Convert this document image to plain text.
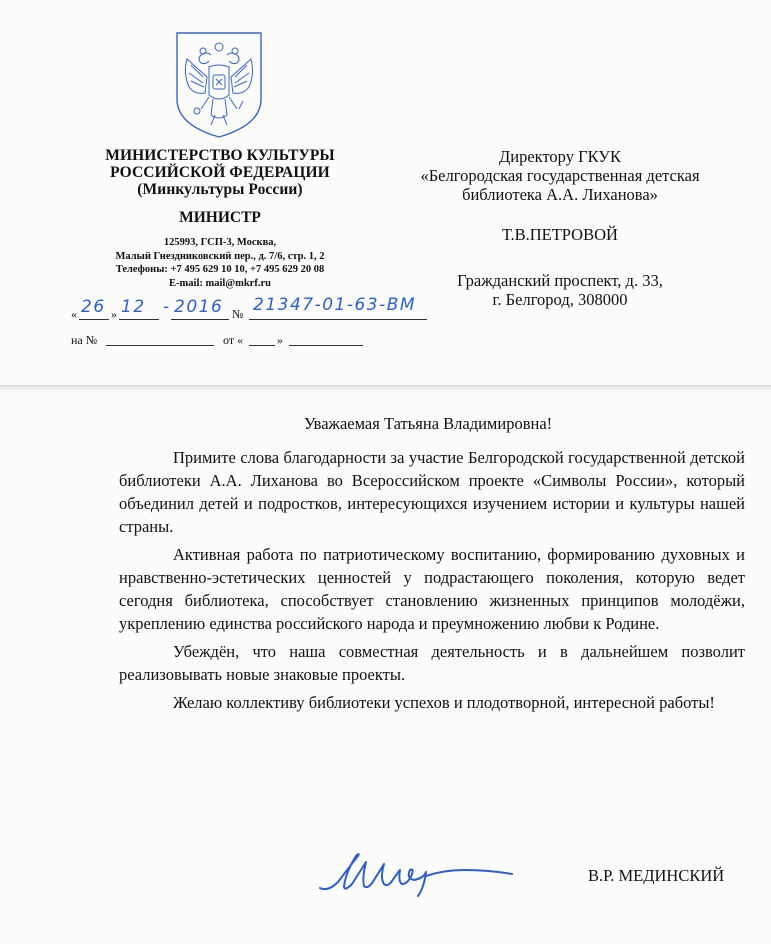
МИНИСТЕРСТВО КУЛЬТУРЫ
РОССИЙСКОЙ ФЕДЕРАЦИИ
(Минкультуры России)
МИНИСТР
125993, ГСП-3, Москва,
Малый Гнездниковский пер., д. 7/6, стр. 1, 2
Телефоны: +7 495 629 10 10, +7 495 629 20 08
E-mail: mail@mkrf.ru
« 26 » 12 - 2016 № 21347-01-63-ВМ
на №	от «	»
Директору ГКУК
«Белгородская государственная детская
библиотека А.А. Лиханова»
Т.В.ПЕТРОВОЙ
Гражданский проспект, д. 33,
г. Белгород, 308000
Уважаемая Татьяна Владимировна!

Примите слова благодарности за участие Белгородской государственной детской библиотеки А.А. Лиханова во Всероссийском проекте «Символы России», который объединил детей и подростков, интересующихся изучением истории и культуры нашей страны.

Активная работа по патриотическому воспитанию, формированию духовных и нравственно-эстетических ценностей у подрастающего поколения, которую ведет сегодня библиотека, способствует становлению жизненных принципов молодёжи, укреплению единства российского народа и преумножению любви к Родине.

Убеждён, что наша совместная деятельность и в дальнейшем позволит реализовывать новые знаковые проекты.

Желаю коллективу библиотеки успехов и плодотворной, интересной работы!

В.Р. МЕДИНСКИЙ
